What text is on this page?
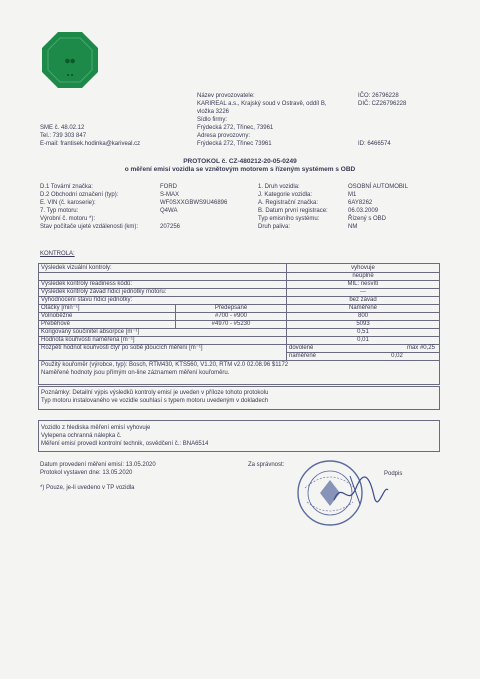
⬢⬢
▪ ▪
SME č. 48.02.12
Tel.: 739 303 847
E-mail: frantisek.hodinka@kariveal.cz
Název provozovatele:
KARIREAL a.s., Krajský soud v Ostravě, oddíl B,
vložka 3226
Sídlo firmy:
Frýdecká 272, Třinec, 73961
Adresa provozovny:
Frýdecká 272, Třinec 73961
IČO: 26796228
DIČ: CZ26796228
ID: 6466574
PROTOKOL č. CZ-480212-20-05-0249
o měření emisí vozidla se vznětovým motorem s řízeným systémem s OBD
D.1 Tovární značka:	FORD
D.2 Obchodní označení (typ):	S-MAX
E. VIN (č. karoserie):	WF0SXXGBWS9U46896
7. Typ motoru:	Q4WA
Výrobní č. motoru *):
Stav počítače ujeté vzdálenosti (km):	207256
1. Druh vozidla:	OSOBNÍ AUTOMOBIL
J. Kategorie vozidla:	M1
A. Registrační značka:	6AY8262
B. Datum první registrace:	06.03.2009
Typ emisního systému:	Řízený s OBD
Druh paliva:	NM
KONTROLA:
Výsledek vizuální kontroly:	vyhovuje
neúplné
Výsledek kontroly readiness kódů:	MIL: nesvítí
Výsledek kontroly závad řídicí jednotky motoru:	---
Vyhodnocení stavu řídicí jednotky:	bez závad
Otáčky [min⁻¹]	Předepsané	Naměřené
Volnoběžné	#700 - #900	800
Přeběhové	#4970 - #5230	5093
Korigovaný součinitel absorpce [m⁻¹]	0,51
Hodnota kouřivosti naměřená [m⁻¹]	0,01
Rozpětí hodnot kouřivosti čtyř po sobě jdoucích měření [m⁻¹]	dovolené	max #0,25
naměřené	0,02
Použitý kouřoměr (výrobce, typ): Bosch, RTM430, KTS560, V1.20, RTM v2.0 02.08.96 $1172
Naměřené hodnoty jsou přímým on-line záznamem měření kouřoměru.
Poznámky: Detailní výpis výsledků kontroly emisí je uveden v příloze tohoto protokolu
Typ motoru instalovaného ve vozidle souhlasí s typem motoru uvedeným v dokladech
Vozidlo z hlediska měření emisí vyhovuje
Vylepena ochranná nálepka č.
Měření emisí provedl kontrolní technik, osvědčení č.: BNA6514
Datum provedení měření emisí: 13.05.2020
Protokol vystaven dne: 13.05.2020
*) Pouze, je-li uvedeno v TP vozidla
Za správnost:
Podpis
